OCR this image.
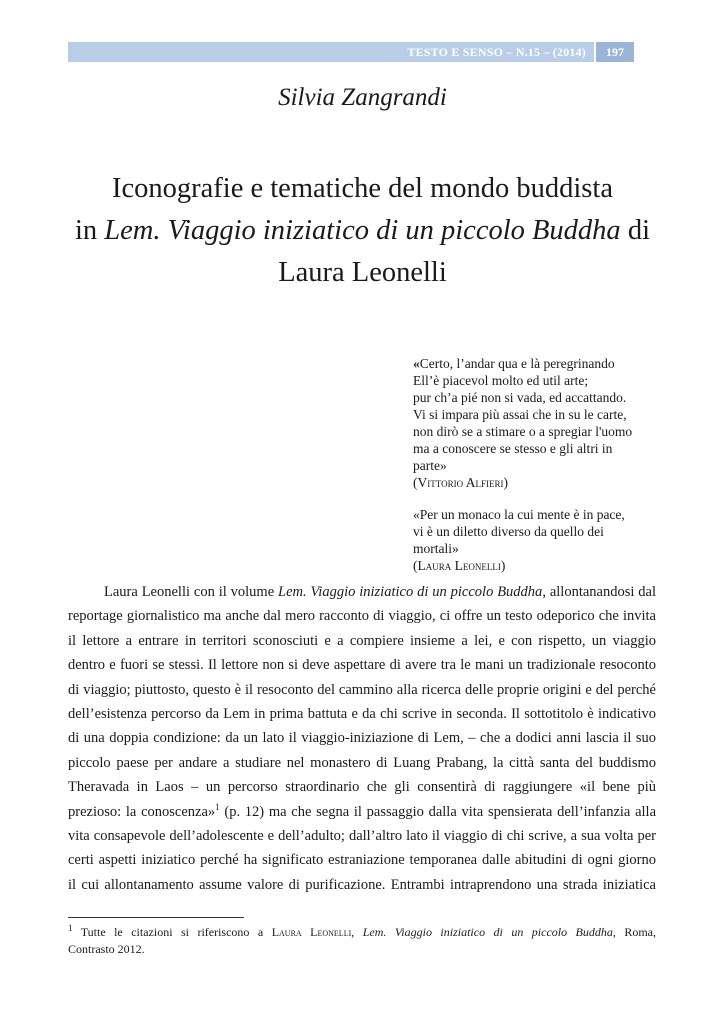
TESTO E SENSO – N.15 – (2014)	197
Silvia Zangrandi
Iconografie e tematiche del mondo buddista
in Lem. Viaggio iniziatico di un piccolo Buddha di
Laura Leonelli
«Certo, l’andar qua e là peregrinando
Ell’è piacevol molto ed util arte;
pur ch’a pié non si vada, ed accattando.
Vi si impara più assai che in su le carte,
non dirò se a stimare o a spregiar l'uomo
ma a conoscere se stesso e gli altri in
parte»
(Vittorio Alfieri)
«Per un monaco la cui mente è in pace,
vi è un diletto diverso da quello dei
mortali»
(Laura Leonelli)
Laura Leonelli con il volume Lem. Viaggio iniziatico di un piccolo Buddha, allontanandosi dal
reportage giornalistico ma anche dal mero racconto di viaggio, ci offre un testo odeporico che invita
il lettore a entrare in territori sconosciuti e a compiere insieme a lei, e con rispetto, un viaggio
dentro e fuori se stessi. Il lettore non si deve aspettare di avere tra le mani un tradizionale resoconto
di viaggio; piuttosto, questo è il resoconto del cammino alla ricerca delle proprie origini e del perché
dell’esistenza percorso da Lem in prima battuta e da chi scrive in seconda. Il sottotitolo è indicativo
di una doppia condizione: da un lato il viaggio-iniziazione di Lem, – che a dodici anni lascia il suo
piccolo paese per andare a studiare nel monastero di Luang Prabang, la città santa del buddismo
Theravada in Laos – un percorso straordinario che gli consentirà di raggiungere «il bene più
prezioso: la conoscenza»$^1$ (p. 12) ma che segna il passaggio dalla vita spensierata dell’infanzia alla
vita consapevole dell’adolescente e dell’adulto; dall’altro lato il viaggio di chi scrive, a sua volta per
certi aspetti iniziatico perché ha significato estraniazione temporanea dalle abitudini di ogni giorno
il cui allontanamento assume valore di purificazione. Entrambi intraprendono una strada iniziatica
$^1$ Tutte le citazioni si riferiscono a Laura Leonelli, Lem. Viaggio iniziatico di un piccolo Buddha, Roma,
Contrasto 2012.
